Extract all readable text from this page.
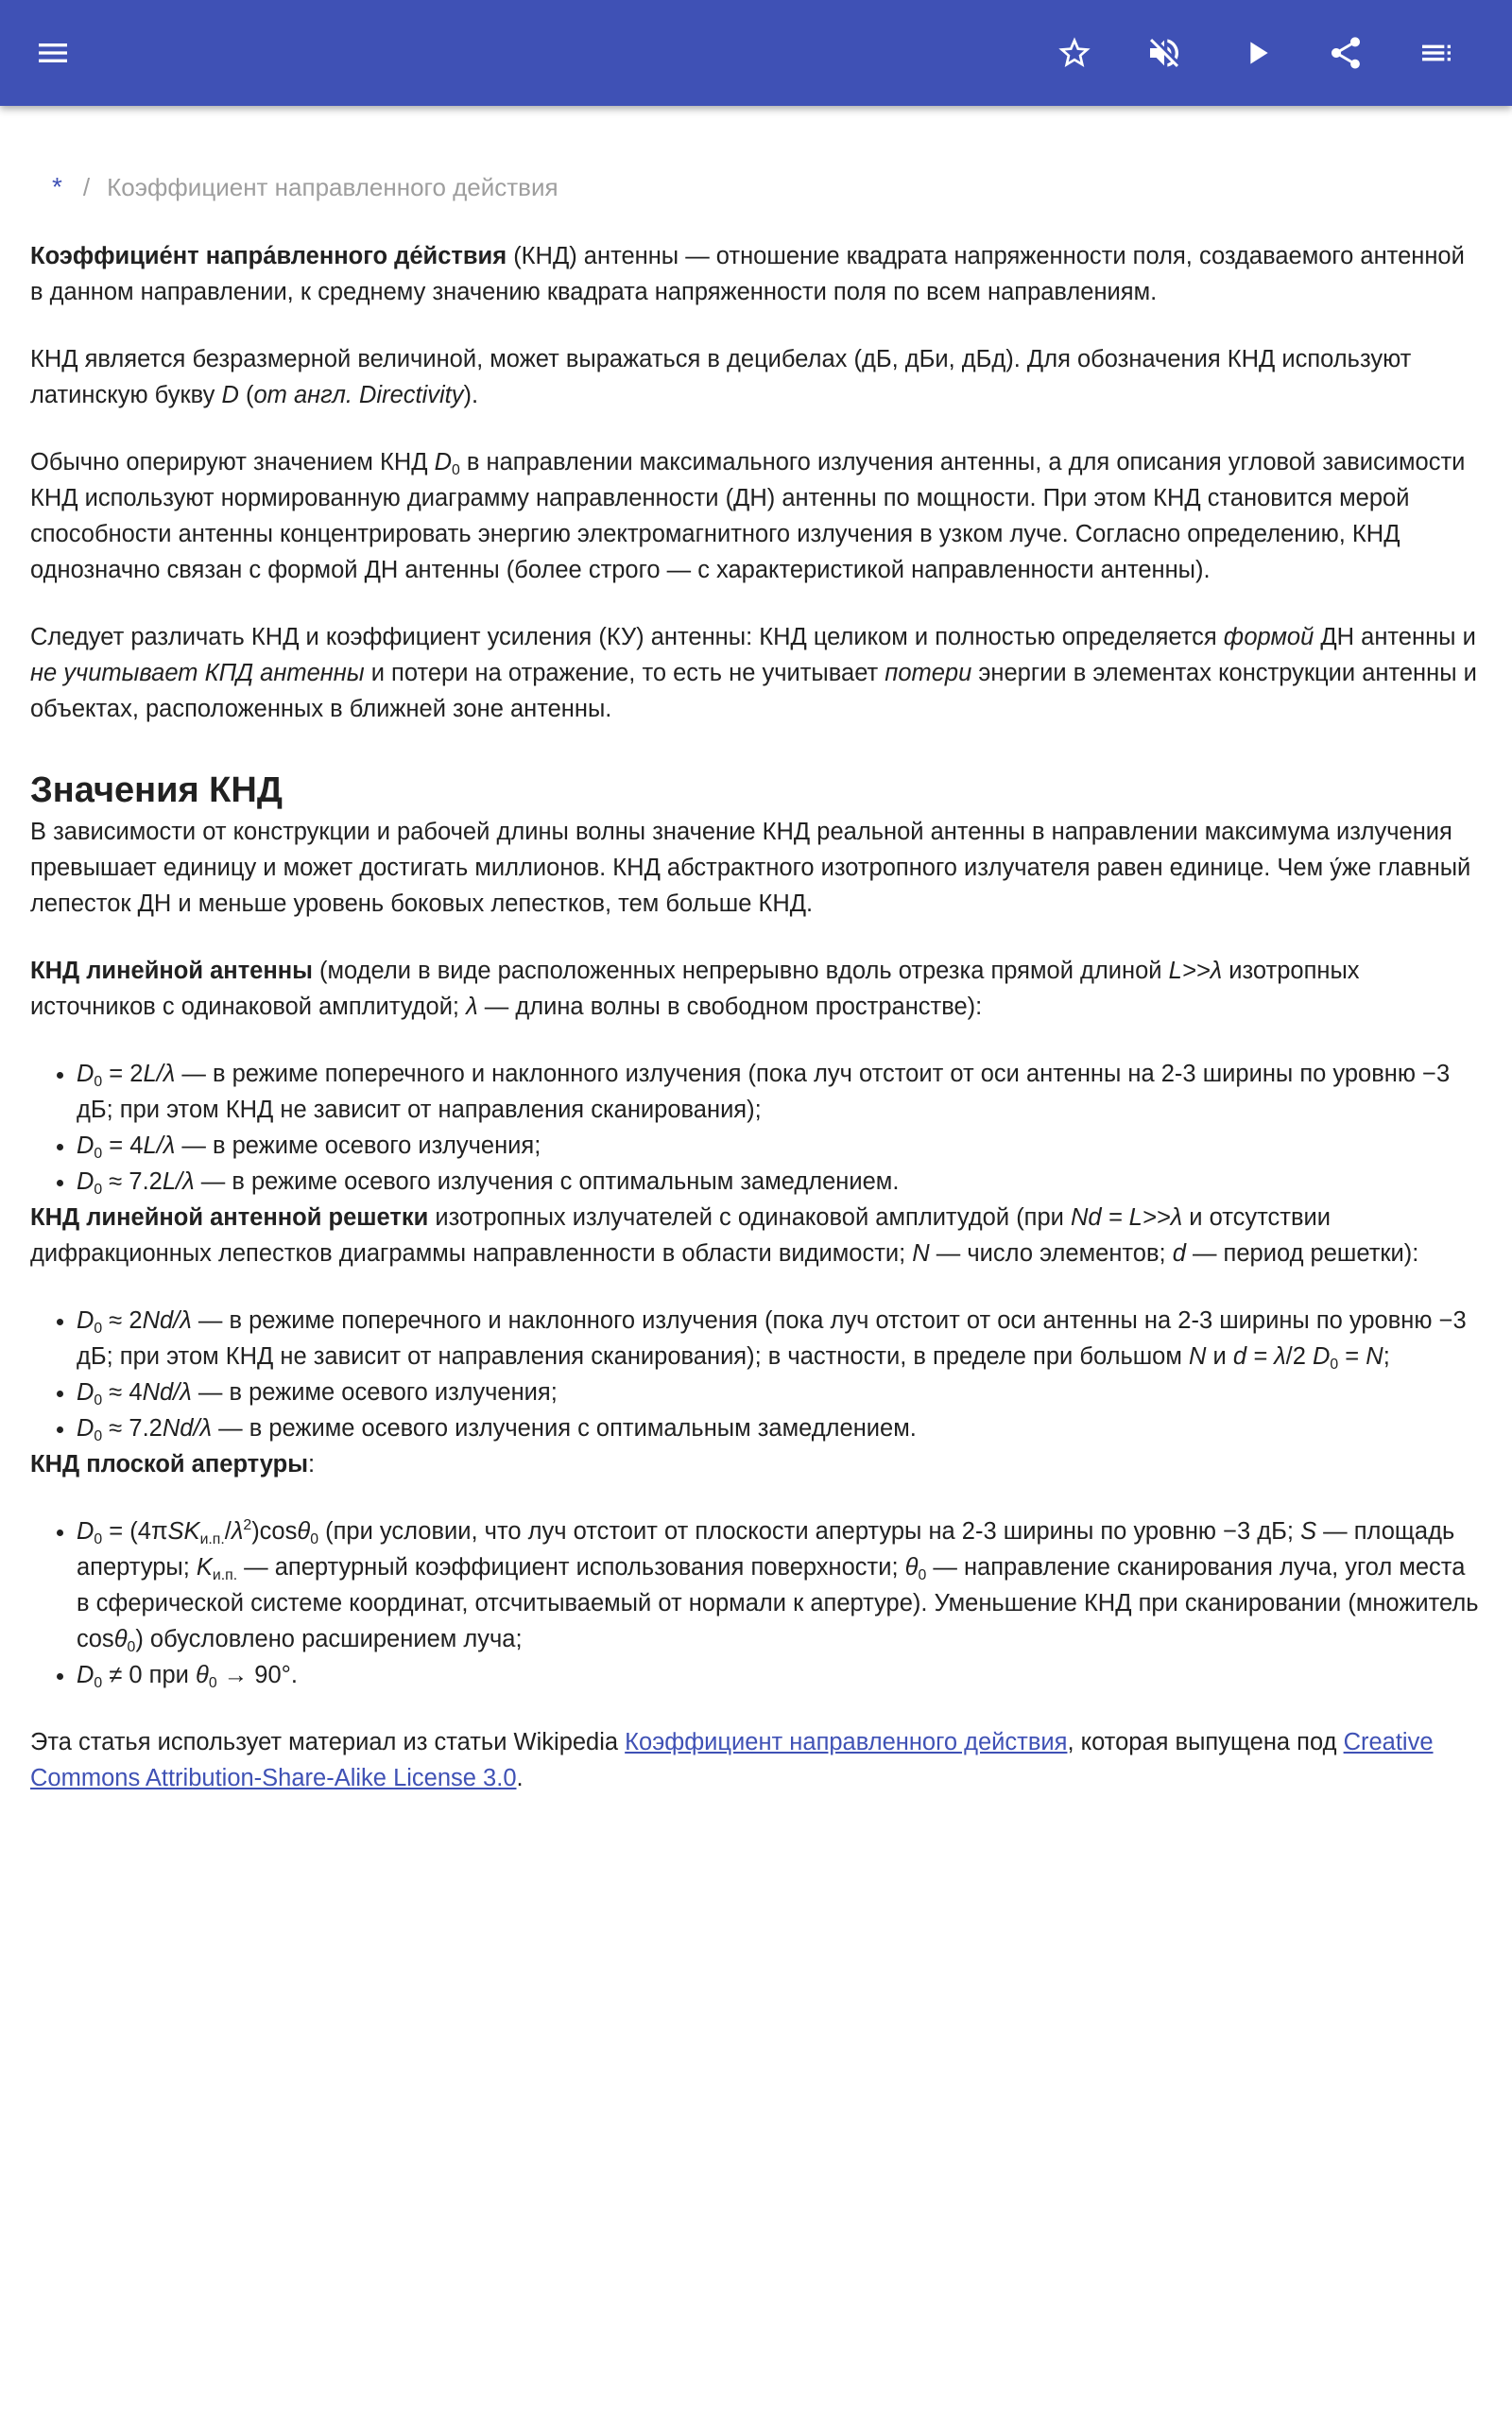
* / Коэффициент направленного действия

Коэффицие́нт напра́вленного де́йствия (КНД) антенны — отношение квадрата напряженности поля, создаваемого антенной в данном направлении, к среднему значению квадрата напряженности поля по всем направлениям.

КНД является безразмерной величиной, может выражаться в децибелах (дБ, дБи, дБд). Для обозначения КНД используют латинскую букву D (от англ. Directivity).

Обычно оперируют значением КНД $D_0$ в направлении максимального излучения антенны, а для описания угловой зависимости КНД используют нормированную диаграмму направленности (ДН) антенны по мощности. При этом КНД становится мерой способности антенны концентрировать энергию электромагнитного излучения в узком луче. Согласно определению, КНД однозначно связан с формой ДН антенны (более строго — с характеристикой направленности антенны).

Следует различать КНД и коэффициент усиления (КУ) антенны: КНД целиком и полностью определяется формой ДН антенны и не учитывает КПД антенны и потери на отражение, то есть не учитывает потери энергии в элементах конструкции антенны и объектах, расположенных в ближней зоне антенны.

Значения КНД

В зависимости от конструкции и рабочей длины волны значение КНД реальной антенны в направлении максимума излучения превышает единицу и может достигать миллионов. КНД абстрактного изотропного излучателя равен единице. Чем у́же главный лепесток ДН и меньше уровень боковых лепестков, тем больше КНД.

КНД линейной антенны (модели в виде расположенных непрерывно вдоль отрезка прямой длиной L>>λ изотропных источников с одинаковой амплитудой; λ — длина волны в свободном пространстве):

• $D_0 = 2L/\lambda$ — в режиме поперечного и наклонного излучения (пока луч отстоит от оси антенны на 2-3 ширины по уровню −3 дБ; при этом КНД не зависит от направления сканирования);
• $D_0 = 4L/\lambda$ — в режиме осевого излучения;
• $D_0 \approx 7.2L/\lambda$ — в режиме осевого излучения с оптимальным замедлением.

КНД линейной антенной решетки изотропных излучателей с одинаковой амплитудой (при Nd = L>>λ и отсутствии дифракционных лепестков диаграммы направленности в области видимости; N — число элементов; d — период решетки):

• $D_0 \approx 2Nd/\lambda$ — в режиме поперечного и наклонного излучения (пока луч отстоит от оси антенны на 2-3 ширины по уровню −3 дБ; при этом КНД не зависит от направления сканирования); в частности, в пределе при большом N и d = λ/2 $D_0 = N$;
• $D_0 \approx 4Nd/\lambda$ — в режиме осевого излучения;
• $D_0 \approx 7.2Nd/\lambda$ — в режиме осевого излучения с оптимальным замедлением.

КНД плоской апертуры:

• $D_0 = (4\pi SK_{и.п.}/\lambda^2)\cos\theta_0$ (при условии, что луч отстоит от плоскости апертуры на 2-3 ширины по уровню −3 дБ; S — площадь апертуры; $K_{и.п.}$ — апертурный коэффициент использования поверхности; $\theta_0$ — направление сканирования луча, угол места в сферической системе координат, отсчитываемый от нормали к апертуре). Уменьшение КНД при сканировании (множитель cosθ$_0$) обусловлено расширением луча;
• $D_0 \ne 0$ при $\theta_0 \to 90^\circ$.

Эта статья использует материал из статьи Wikipedia Коэффициент направленного действия, которая выпущена под Creative Commons Attribution-Share-Alike License 3.0.
